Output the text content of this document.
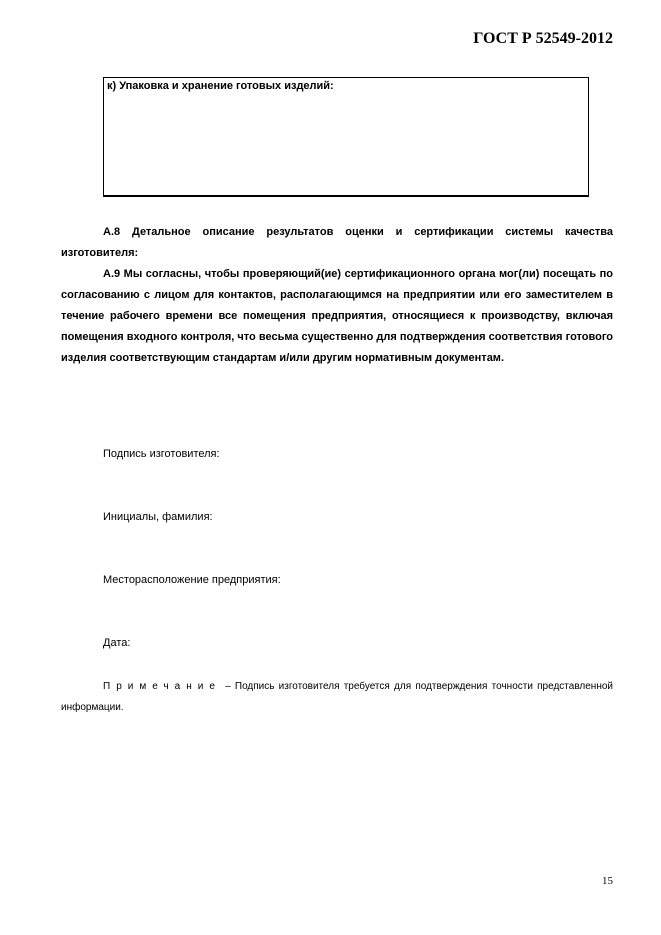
ГОСТ Р 52549-2012
к) Упаковка и хранение готовых изделий:

А.8 Детальное описание результатов оценки и сертификации системы качества изготовителя:

А.9 Мы согласны, чтобы проверяющий(ие) сертификационного органа мог(ли) посещать по согласованию с лицом для контактов, располагающимся на предприятии или его заместителем в течение рабочего времени все помещения предприятия, относящиеся к производству, включая помещения входного контроля, что весьма существенно для подтверждения соответствия готового изделия соответствующим стандартам и/или другим нормативным документам.

Подпись изготовителя:
Инициалы, фамилия:
Месторасположение предприятия:
Дата:

Примечание – Подпись изготовителя требуется для подтверждения точности представленной информации.

15
